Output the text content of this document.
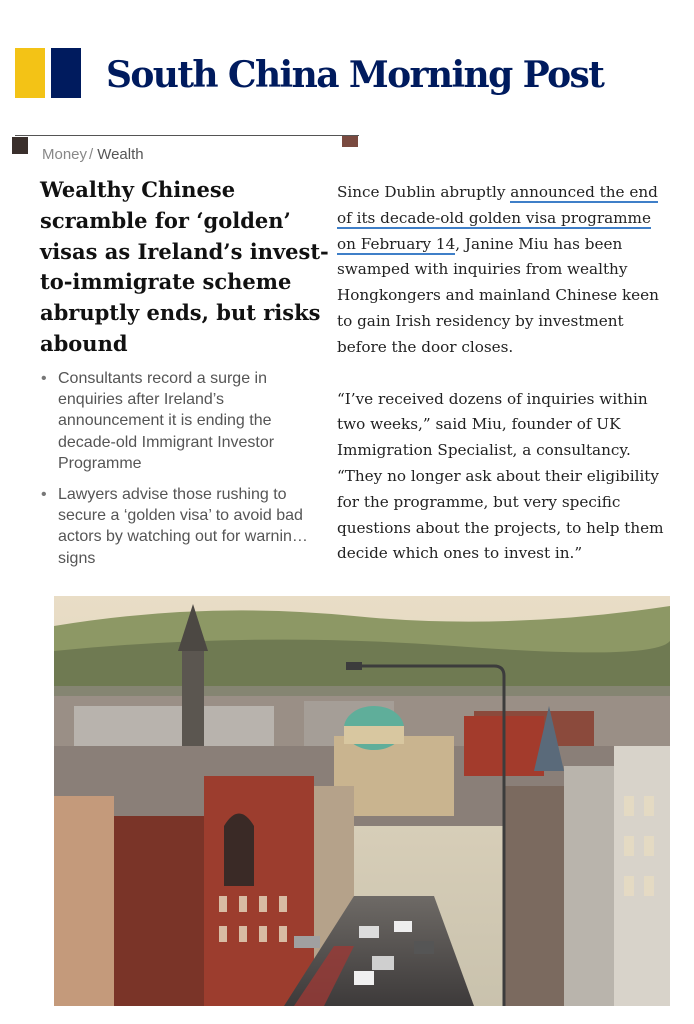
South China Morning Post
Money / Wealth
Wealthy Chinese scramble for ‘golden’ visas as Ireland’s invest-to-immigrate scheme abruptly ends, but risks abound
• Consultants record a surge in enquiries after Ireland’s announcement it is ending the decade-old Immigrant Investor Programme
• Lawyers advise those rushing to secure a ‘golden visa’ to avoid bad actors by watching out for warnin… signs

Since Dublin abruptly announced the end of its decade-old golden visa programme on February 14, Janine Miu has been swamped with inquiries from wealthy Hongkongers and mainland Chinese keen to gain Irish residency by investment before the door closes.

“I’ve received dozens of inquiries within two weeks,” said Miu, founder of UK Immigration Specialist, a consultancy. “They no longer ask about their eligibility for the programme, but very specific questions about the projects, to help them decide which ones to invest in.”
